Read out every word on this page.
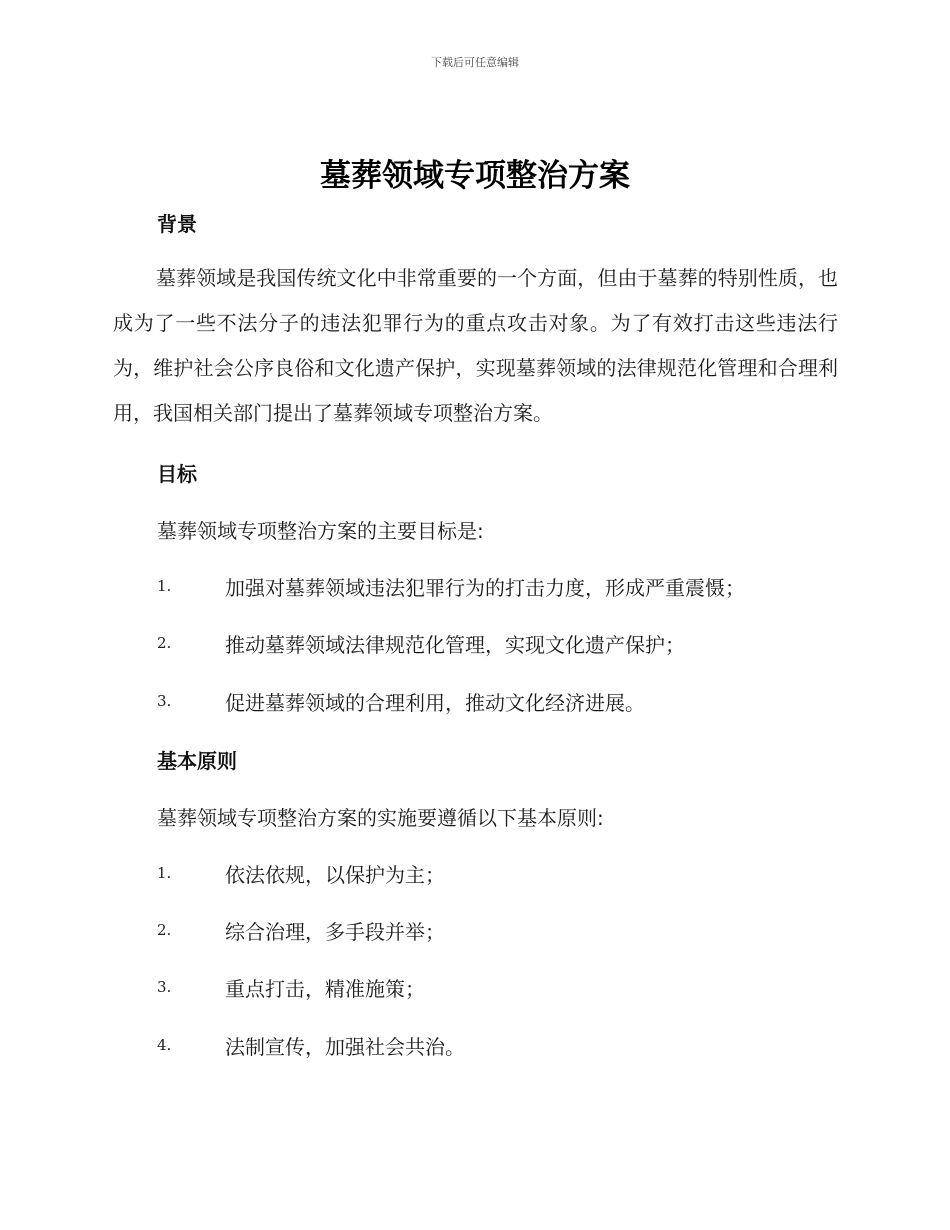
下载后可任意编辑
墓葬领域专项整治方案
背景

墓葬领域是我国传统文化中非常重要的一个方面，但由于墓葬的特别性质，也成为了一些不法分子的违法犯罪行为的重点攻击对象。为了有效打击这些违法行为，维护社会公序良俗和文化遗产保护，实现墓葬领域的法律规范化管理和合理利用，我国相关部门提出了墓葬领域专项整治方案。

目标
墓葬领域专项整治方案的主要目标是:
1.	加强对墓葬领域违法犯罪行为的打击力度，形成严重震慑；
2.	推动墓葬领域法律规范化管理，实现文化遗产保护；
3.	促进墓葬领域的合理利用，推动文化经济进展。
基本原则
墓葬领域专项整治方案的实施要遵循以下基本原则:
1.	依法依规，以保护为主；
2.	综合治理，多手段并举；
3.	重点打击，精准施策；
4.	法制宣传，加强社会共治。
